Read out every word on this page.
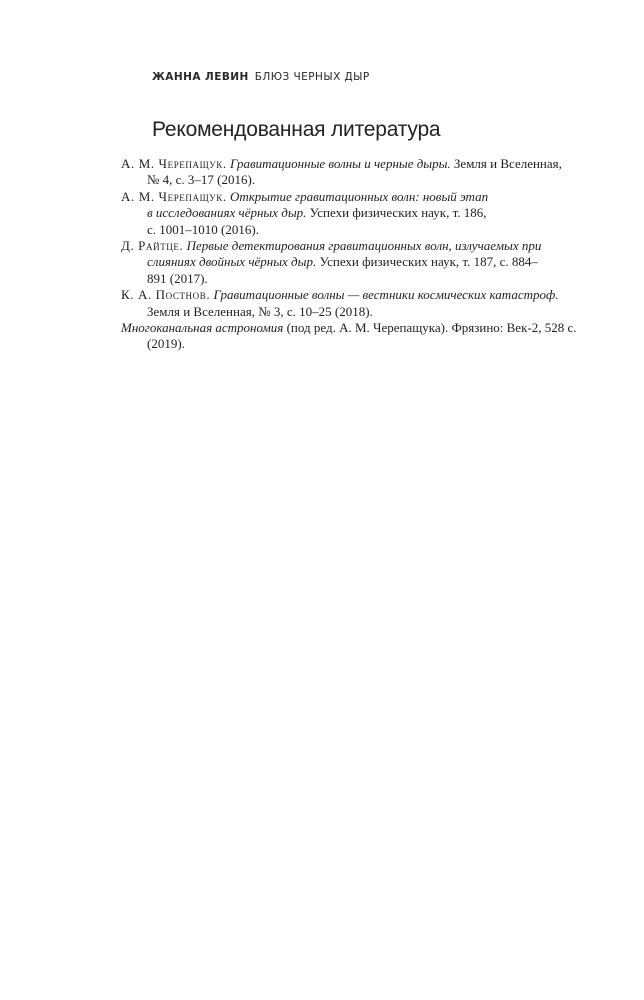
ЖАННА ЛЕВИН БЛЮЗ ЧЕРНЫХ ДЫР
Рекомендованная литература
А. М. Черепащук. Гравитационные волны и черные дыры. Земля и Вселенная,
№ 4, с. 3–17 (2016).
А. М. Черепащук. Открытие гравитационных волн: новый этап
в исследованиях чёрных дыр. Успехи физических наук, т. 186,
с. 1001–1010 (2016).
Д. Райтце. Первые детектирования гравитационных волн, излучаемых при
слияниях двойных чёрных дыр. Успехи физических наук, т. 187, с. 884–
891 (2017).
К. А. Постнов. Гравитационные волны — вестники космических катастроф.
Земля и Вселенная, № 3, с. 10–25 (2018).
Многоканальная астрономия (под ред. А. М. Черепащука). Фрязино: Век-2, 528 с.
(2019).
